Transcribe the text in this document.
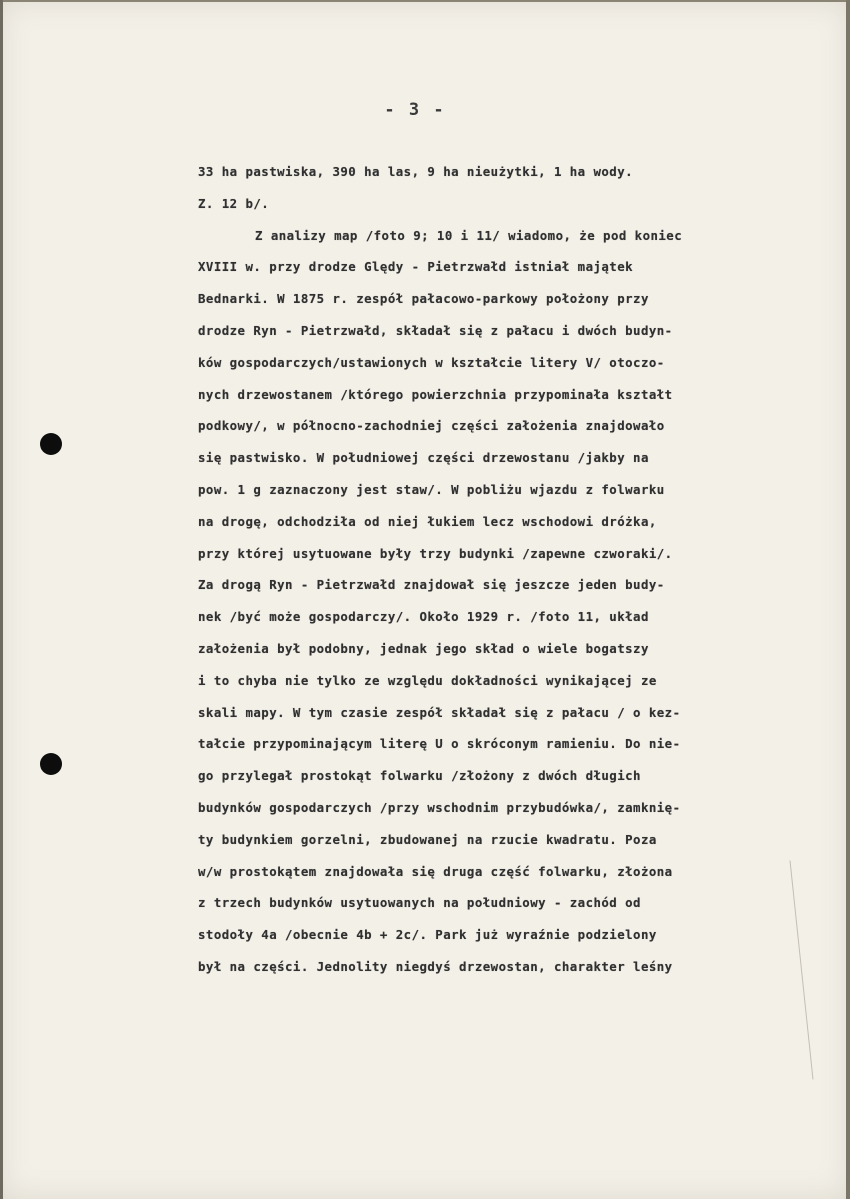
- 3 -
33 ha pastwiska, 390 ha las, 9 ha nieużytki, 1 ha wody.
Z. 12 b/.
Z analizy map /foto 9; 10 i 11/ wiadomo, że pod koniec
XVIII w. przy drodze Ględy - Pietrzwałd istniał majątek
Bednarki. W 1875 r. zespół pałacowo-parkowy położony przy
drodze Ryn - Pietrzwałd, składał się z pałacu i dwóch budyn-
ków gospodarczych/ustawionych w kształcie litery V/ otoczo-
nych drzewostanem /którego powierzchnia przypominała kształt
podkowy/, w północno-zachodniej części założenia znajdowało
się pastwisko. W południowej części drzewostanu /jakby na
pow. 1 g zaznaczony jest staw/. W pobliżu wjazdu z folwarku
na drogę, odchodziła od niej łukiem lecz wschodowi dróżka,
przy której usytuowane były trzy budynki /zapewne czworaki/.
Za drogą Ryn - Pietrzwałd znajdował się jeszcze jeden budy-
nek /być może gospodarczy/. Około 1929 r. /foto 11, układ
założenia był podobny, jednak jego skład o wiele bogatszy
i to chyba nie tylko ze względu dokładności wynikającej ze
skali mapy. W tym czasie zespół składał się z pałacu / o kez-
tałcie przypominającym literę U o skróconym ramieniu. Do nie-
go przylegał prostokąt folwarku /złożony z dwóch długich
budynków gospodarczych /przy wschodnim przybudówka/, zamknię-
ty budynkiem gorzelni, zbudowanej na rzucie kwadratu. Poza
w/w prostokątem znajdowała się druga część folwarku, złożona
z trzech budynków usytuowanych na południowy - zachód od
stodoły 4a /obecnie 4b + 2c/. Park już wyraźnie podzielony
był na części. Jednolity niegdyś drzewostan, charakter leśny
